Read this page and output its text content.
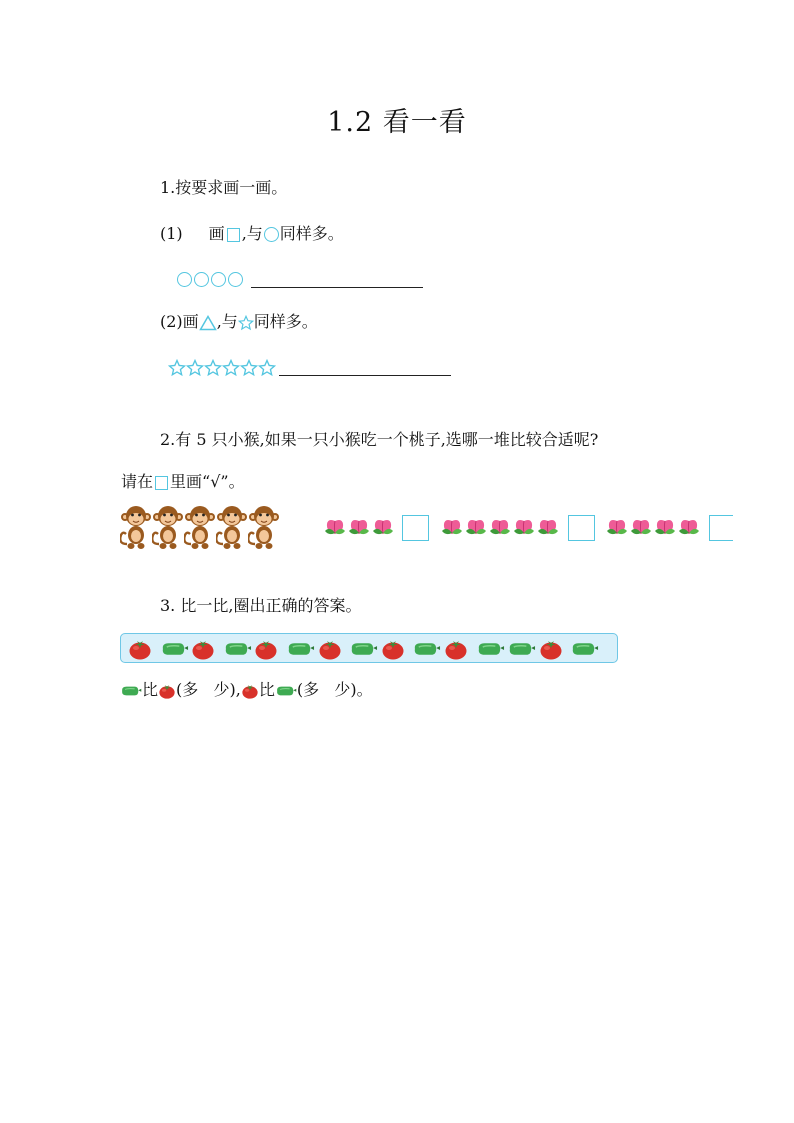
1.2 看一看
1.按要求画一画。
(1) 画 ,与 同样多。
(2)画 ,与 同样多。
2.有 5 只小猴,如果一只小猴吃一个桃子,选哪一堆比较合适呢?
请在 里画“√”。
3. 比一比,圈出正确的答案。
比 (多   少), 比 (多   少)。
